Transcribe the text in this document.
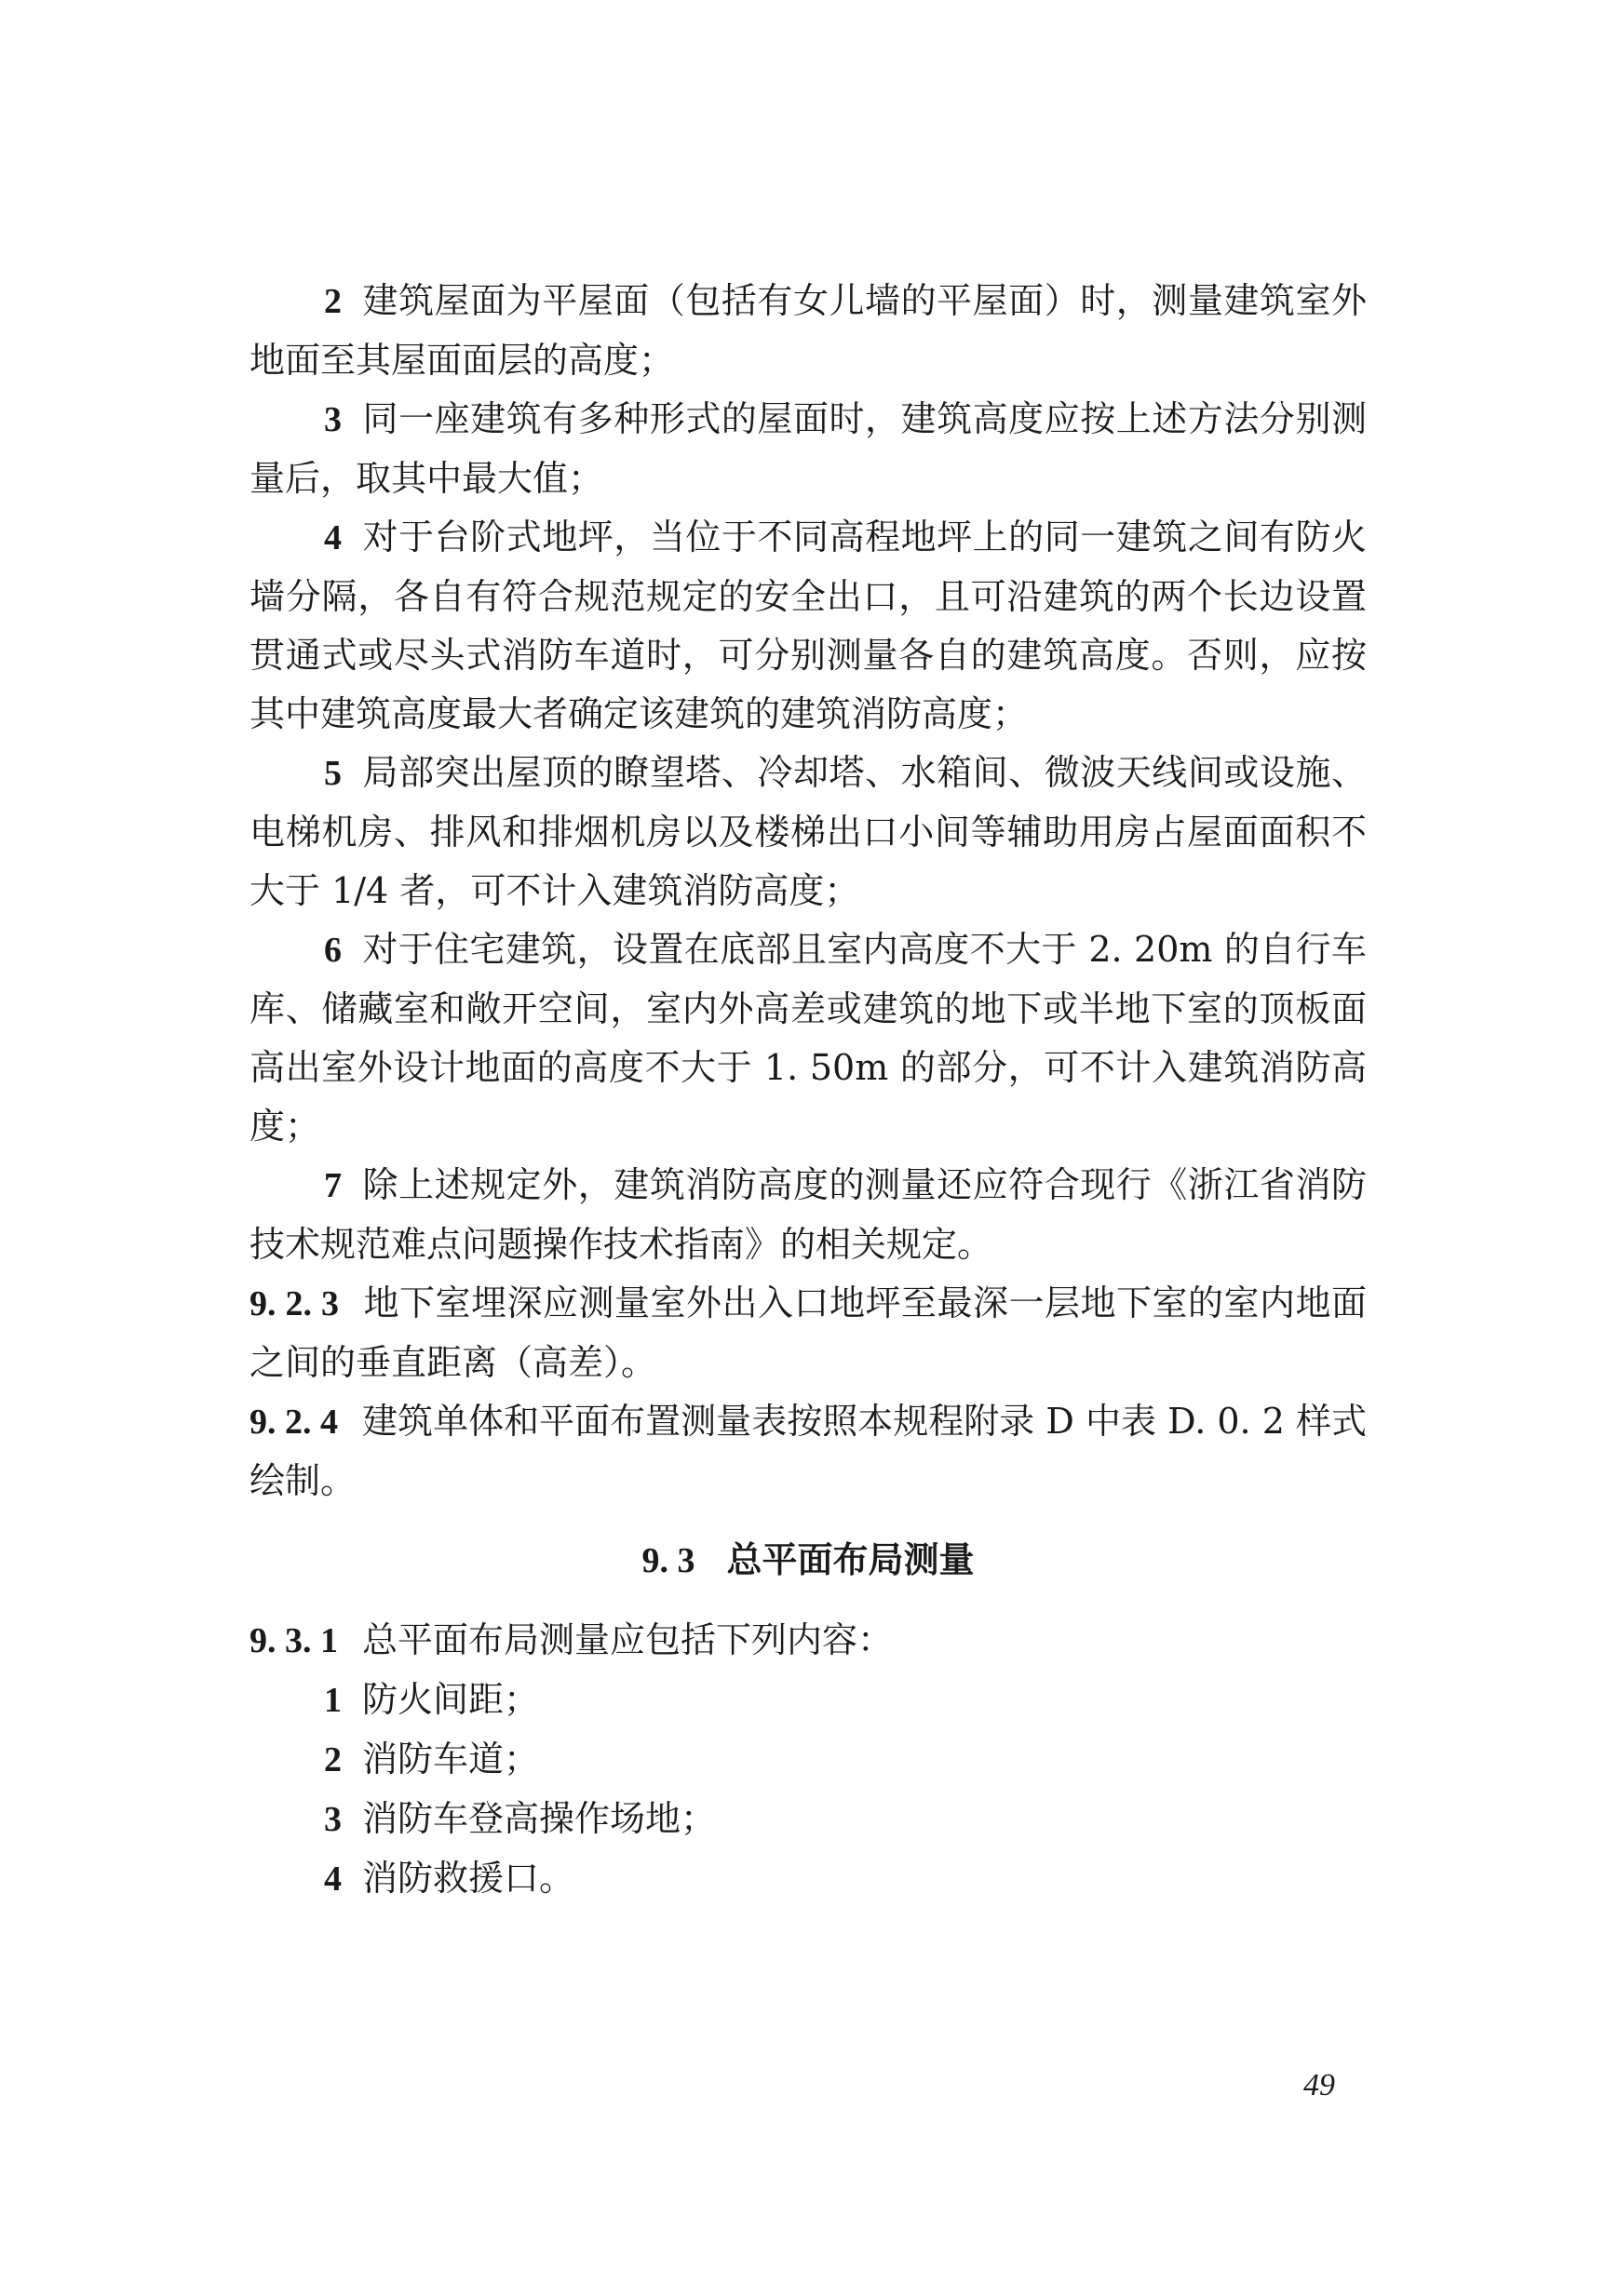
2 建筑屋面为平屋面（包括有女儿墙的平屋面）时，测量建筑室外地面至其屋面面层的高度；

3 同一座建筑有多种形式的屋面时，建筑高度应按上述方法分别测量后，取其中最大值；

4 对于台阶式地坪，当位于不同高程地坪上的同一建筑之间有防火墙分隔，各自有符合规范规定的安全出口，且可沿建筑的两个长边设置贯通式或尽头式消防车道时，可分别测量各自的建筑高度。否则，应按其中建筑高度最大者确定该建筑的建筑消防高度；

5 局部突出屋顶的瞭望塔、冷却塔、水箱间、微波天线间或设施、电梯机房、排风和排烟机房以及楼梯出口小间等辅助用房占屋面面积不大于 1/4 者，可不计入建筑消防高度；

6 对于住宅建筑，设置在底部且室内高度不大于 2. 20m 的自行车库、储藏室和敞开空间，室内外高差或建筑的地下或半地下室的顶板面高出室外设计地面的高度不大于 1. 50m 的部分，可不计入建筑消防高度；

7 除上述规定外，建筑消防高度的测量还应符合现行《浙江省消防技术规范难点问题操作技术指南》的相关规定。

9. 2. 3 地下室埋深应测量室外出入口地坪至最深一层地下室的室内地面之间的垂直距离（高差）。

9. 2. 4 建筑单体和平面布置测量表按照本规程附录 D 中表 D. 0. 2 样式绘制。

9. 3 总平面布局测量

9. 3. 1 总平面布局测量应包括下列内容：

1 防火间距；

2 消防车道；

3 消防车登高操作场地；

4 消防救援口。

49
